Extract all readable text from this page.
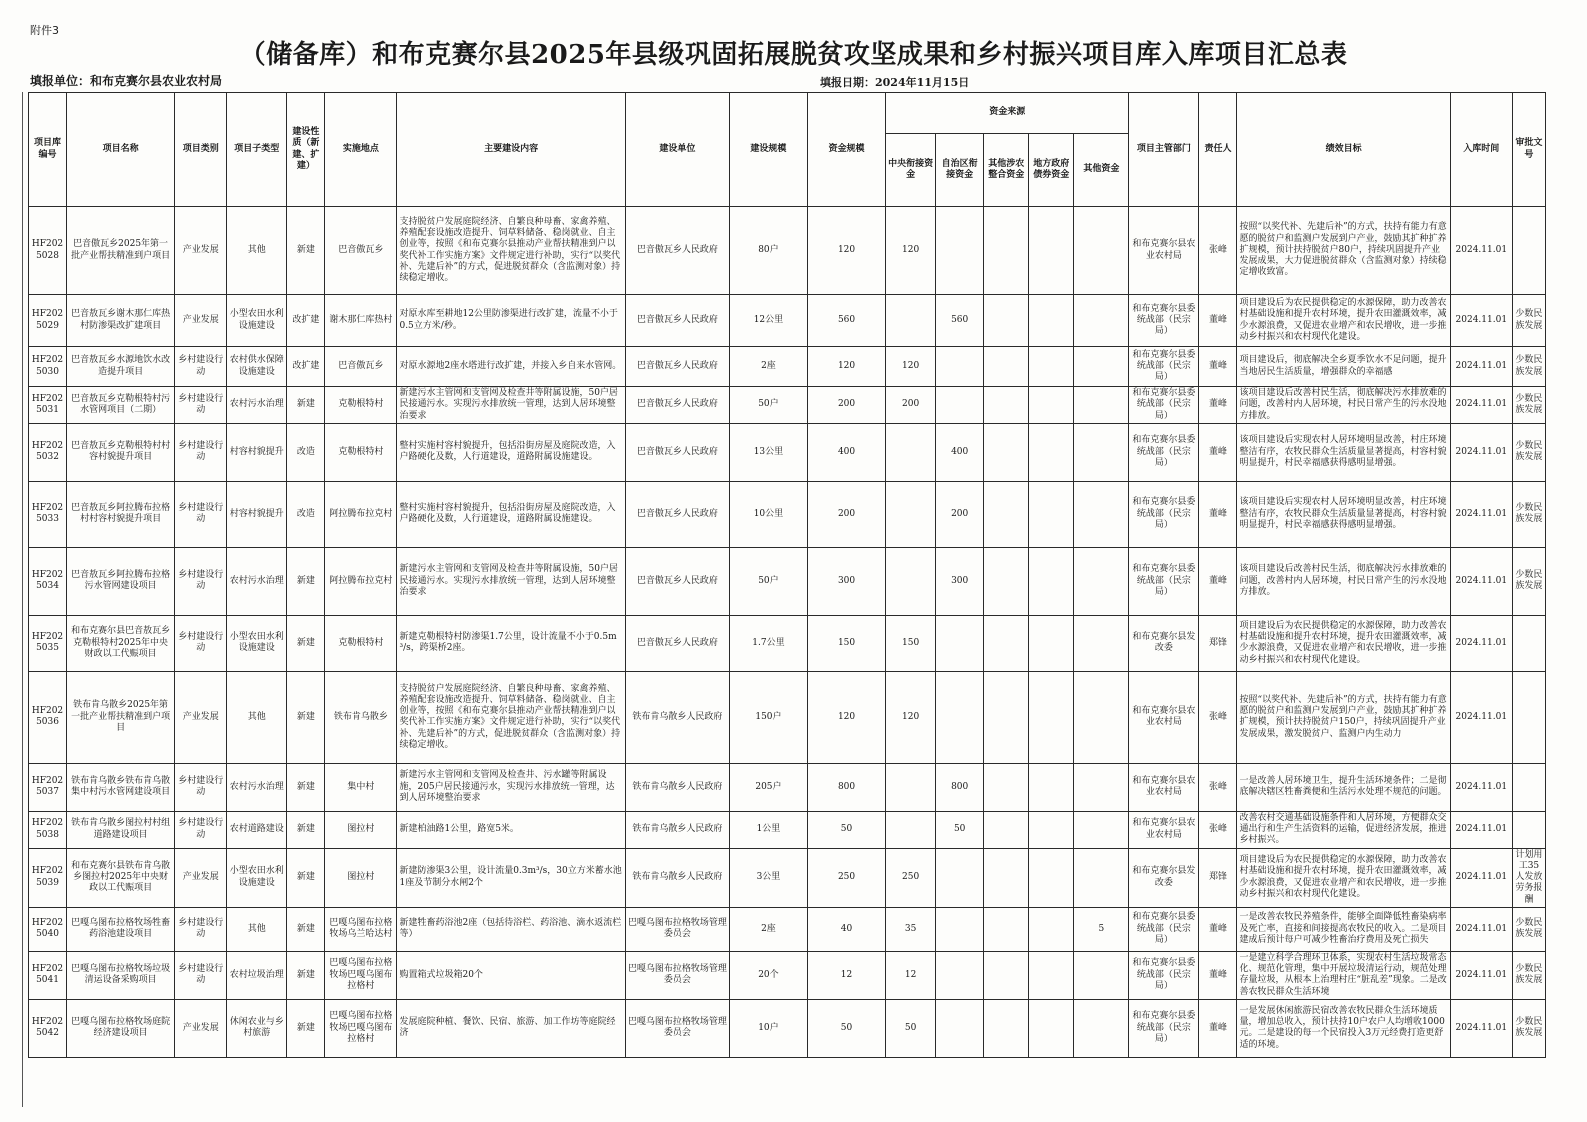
附件3
（储备库）和布克赛尔县2025年县级巩固拓展脱贫攻坚成果和乡村振兴项目库入库项目汇总表
填报单位：和布克赛尔县农业农村局	填报日期：2024年11月15日
项目库编号	项目名称	项目类别	项目子类型	建设性质（新建、扩建）	实施地点	主要建设内容	建设单位	建设规模	资金规模	资金来源					项目主管部门	责任人	绩效目标	入库时间	审批文号
										中央衔接资金	自治区衔接资金	其他涉农整合资金	地方政府债券资金	其他资金					
HF2025028	巴音傲瓦乡2025年第一批产业帮扶精准到户项目	产业发展	其他	新建	巴音傲瓦乡	支持脱贫户发展庭院经济、自繁良种母畜、家禽养殖、养殖配套设施改造提升、饲草料储备、稳岗就业、自主创业等，按照《和布克赛尔县推动产业帮扶精准到户以奖代补工作实施方案》文件规定进行补助，实行“以奖代补、先建后补”的方式，促进脱贫群众（含监测对象）持续稳定增收。	巴音傲瓦乡人民政府	80户	120	120					和布克赛尔县农业农村局	张峰	按照“以奖代补、先建后补”的方式，扶持有能力有意愿的脱贫户和监测户发展到户产业，鼓励其扩种扩养扩规模，预计扶持脱贫户80户，持续巩固提升产业发展成果，大力促进脱贫群众（含监测对象）持续稳定增收致富。	2024.11.01	
HF2025029	巴音敖瓦乡谢木那仁库热村防渗渠改扩建项目	产业发展	小型农田水利设施建设	改扩建	谢木那仁库热村	对原水库至耕地12公里防渗渠进行改扩建，流量不小于0.5立方米/秒。	巴音傲瓦乡人民政府	12公里	560		560				和布克赛尔县委统战部（民宗局）	董峰	项目建设后为农民提供稳定的水源保障，助力改善农村基础设施和提升农村环境，提升农田灌溉效率，减少水源浪费，又促进农业增产和农民增收，进一步推动乡村振兴和农村现代化建设。	2024.11.01	少数民族发展
HF2025030	巴音敖瓦乡水源地饮水改造提升项目	乡村建设行动	农村供水保障设施建设	改扩建	巴音傲瓦乡	对原水源地2座水塔进行改扩建，并接入乡自来水管网。	巴音傲瓦乡人民政府	2座	120	120					和布克赛尔县委统战部（民宗局）	董峰	项目建设后，彻底解决全乡夏季饮水不足问题，提升当地居民生活质量，增强群众的幸福感	2024.11.01	少数民族发展
HF2025031	巴音敖瓦乡克勒根特村污水管网项目（二期）	乡村建设行动	农村污水治理	新建	克勒根特村	新建污水主管网和支管网及检查井等附属设施，50户居民接通污水。实现污水排放统一管理，达到人居环境整治要求	巴音傲瓦乡人民政府	50户	200	200					和布克赛尔县委统战部（民宗局）	董峰	该项目建设后改善村民生活，彻底解决污水排放难的问题，改善村内人居环境，村民日常产生的污水没地方排放。	2024.11.01	少数民族发展
HF2025032	巴音敖瓦乡克勒根特村村容村貌提升项目	乡村建设行动	村容村貌提升	改造	克勒根特村	整村实施村容村貌提升，包括沿街房屋及庭院改造，入户路硬化及数，人行道建设，道路附属设施建设。	巴音傲瓦乡人民政府	13公里	400		400				和布克赛尔县委统战部（民宗局）	董峰	该项目建设后实现农村人居环境明显改善，村庄环境整洁有序，农牧民群众生活质量显著提高，村容村貌明显提升，村民幸福感获得感明显增强。	2024.11.01	少数民族发展
HF2025033	巴音敖瓦乡阿拉腾布拉格村村容村貌提升项目	乡村建设行动	村容村貌提升	改造	阿拉腾布拉克村	整村实施村容村貌提升，包括沿街房屋及庭院改造，入户路硬化及数，人行道建设，道路附属设施建设。	巴音傲瓦乡人民政府	10公里	200		200				和布克赛尔县委统战部（民宗局）	董峰	该项目建设后实现农村人居环境明显改善，村庄环境整洁有序，农牧民群众生活质量显著提高，村容村貌明显提升，村民幸福感获得感明显增强。	2024.11.01	少数民族发展
HF2025034	巴音敖瓦乡阿拉腾布拉格污水管网建设项目	乡村建设行动	农村污水治理	新建	阿拉腾布拉克村	新建污水主管网和支管网及检查井等附属设施，50户居民接通污水。实现污水排放统一管理，达到人居环境整治要求	巴音傲瓦乡人民政府	50户	300		300				和布克赛尔县委统战部（民宗局）	董峰	该项目建设后改善村民生活，彻底解决污水排放难的问题，改善村内人居环境，村民日常产生的污水没地方排放。	2024.11.01	少数民族发展
HF2025035	和布克赛尔县巴音敖瓦乡克勒根特村2025年中央财政以工代赈项目	乡村建设行动	小型农田水利设施建设	新建	克勒根特村	新建克勒根特村防渗渠1.7公里，设计流量不小于0.5m³/s，跨渠桥2座。	巴音傲瓦乡人民政府	1.7公里	150	150					和布克赛尔县发改委	郑锋	项目建设后为农民提供稳定的水源保障，助力改善农村基础设施和提升农村环境，提升农田灌溉效率，减少水源浪费，又促进农业增产和农民增收，进一步推动乡村振兴和农村现代化建设。	2024.11.01	
HF2025036	铁布肯乌散乡2025年第一批产业帮扶精准到户项目	产业发展	其他	新建	铁布肯乌散乡	支持脱贫户发展庭院经济、自繁良种母畜、家禽养殖、养殖配套设施改造提升、饲草料储备、稳岗就业、自主创业等，按照《和布克赛尔县推动产业帮扶精准到户以奖代补工作实施方案》文件规定进行补助，实行“以奖代补、先建后补”的方式，促进脱贫群众（含监测对象）持续稳定增收。	铁布肯乌散乡人民政府	150户	120	120					和布克赛尔县农业农村局	张峰	按照“以奖代补、先建后补”的方式，扶持有能力有意愿的脱贫户和监测户发展到户产业，鼓励其扩种扩养扩规模，预计扶持脱贫户150户，持续巩固提升产业发展成果，激发脱贫户、监测户内生动力	2024.11.01	
HF2025037	铁布肯乌散乡铁布肯乌散集中村污水管网建设项目	乡村建设行动	农村污水治理	新建	集中村	新建污水主管网和支管网及检查井、污水罐等附属设施，205户居民接通污水，实现污水排放统一管理，达到人居环境整治要求	铁布肯乌散乡人民政府	205户	800		800				和布克赛尔县农业农村局	张峰	一是改善人居环境卫生，提升生活环境条件；二是彻底解决辖区牲畜粪便和生活污水处理不规范的问题。	2024.11.01	
HF2025038	铁布肯乌散乡图拉村村组道路建设项目	乡村建设行动	农村道路建设	新建	图拉村	新建柏油路1公里，路宽5米。	铁布肯乌散乡人民政府	1公里	50		50				和布克赛尔县农业农村局	张峰	改善农村交通基础设施条件和人居环境，方便群众交通出行和生产生活资料的运输，促进经济发展，推进乡村振兴。	2024.11.01	
HF2025039	和布克赛尔县铁布肯乌散乡图拉村2025年中央财政以工代赈项目	产业发展	小型农田水利设施建设	新建	图拉村	新建防渗渠3公里，设计流量0.3m³/s，30立方米蓄水池1座及节制分水闸2个	铁布肯乌散乡人民政府	3公里	250	250					和布克赛尔县发改委	郑锋	项目建设后为农民提供稳定的水源保障，助力改善农村基础设施和提升农村环境，提升农田灌溉效率，减少水源浪费，又促进农业增产和农民增收，进一步推动乡村振兴和农村现代化建设。	2024.11.01	计划用工35人发放劳务报酬
HF2025040	巴嘎乌图布拉格牧场牲畜药浴池建设项目	乡村建设行动	其他	新建	巴嘎乌图布拉格牧场乌兰哈达村	新建牲畜药浴池2座（包括待浴栏、药浴池、滴水返流栏等）	巴嘎乌图布拉格牧场管理委员会	2座	40	35				5	和布克赛尔县委统战部（民宗局）	董峰	一是改善农牧民养殖条件，能够全面降低牲畜染病率及死亡率，直接和间接提高农牧民的收入。二是项目建成后预计每户可减少牲畜治疗费用及死亡损失	2024.11.01	少数民族发展
HF2025041	巴嘎乌图布拉格牧场垃圾清运设备采购项目	乡村建设行动	农村垃圾治理	新建	巴嘎乌图布拉格牧场巴嘎乌图布拉格村	购置箱式垃圾箱20个	巴嘎乌图布拉格牧场管理委员会	20个	12	12					和布克赛尔县委统战部（民宗局）	董峰	一是建立科学合理环卫体系，实现农村生活垃圾常态化、规范化管理，集中开展垃圾清运行动，规范处理存量垃圾，从根本上治理村庄“脏乱差”现象。二是改善农牧民群众生活环境	2024.11.01	少数民族发展
HF2025042	巴嘎乌图布拉格牧场庭院经济建设项目	产业发展	休闲农业与乡村旅游	新建	巴嘎乌图布拉格牧场巴嘎乌图布拉格村	发展庭院种植、餐饮、民宿、旅游、加工作坊等庭院经济	巴嘎乌图布拉格牧场管理委员会	10户	50	50					和布克赛尔县委统战部（民宗局）	董峰	一是发展休闲旅游民宿改善农牧民群众生活环境质量，增加总收入，预计扶持10户农户人均增收1000元。二是建设的每一个民宿投入3万元经费打造更舒适的环境。	2024.11.01	少数民族发展
